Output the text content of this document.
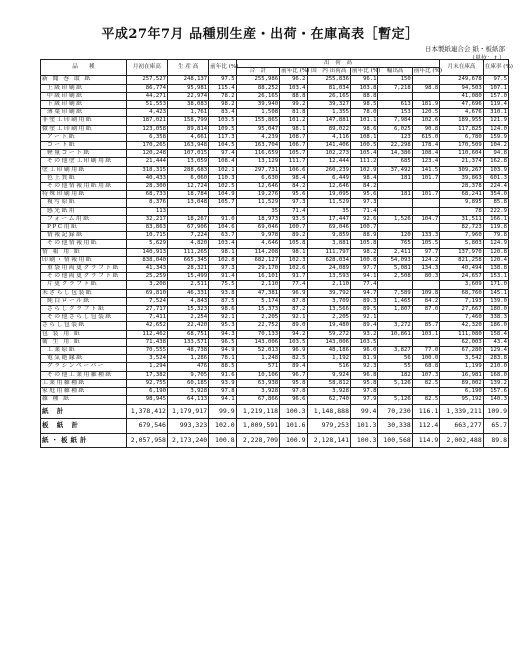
平成27年7月 品種別生産・出荷・在庫高表［暫定］
日本製紙連合会 紙・板紙部
（単位：ｔ）
品　　種	月初在庫高	生 産 高	前年比 (%)	出　荷　高						月末在庫高	在庫率 (%)
				合　計	前年比 (%)	国　内 出荷高	前年比 (%)	輸出高	前年比 (%)		
新 聞 巻 取 紙	257,527	248,137	97.5	255,986	96.2	255,836	96.1	150		249,678	97.5
上級印刷紙	86,774	95,981	115.4	88,252	103.4	81,034	103.8	7,218	98.8	94,503	107.1
中級印刷紙	44,271	22,974	78.2	26,165	88.8	26,165	88.8			41,080	157.0
下級印刷紙	51,553	38,083	98.2	39,940	99.2	39,327	98.5	613	181.9	47,696	119.4
薄葉印刷紙	4,423	1,761	83.4	1,508	81.8	1,355	78.0	153	120.5	4,676	310.1
非塗工印刷用紙	187,021	158,799	103.5	155,865	101.2	147,881	101.1	7,984	102.6	189,955	121.9
微塗工印刷用紙	123,058	89,814	109.5	95,047	98.1	89,022	98.6	6,025	90.8	117,825	124.0
アート紙	6,358	4,661	117.3	4,239	108.7	4,116	108.1	123	615.0	6,780	159.9
コート紙	170,265	163,948	104.5	163,704	106.7	141,406	100.5	22,298	178.4	170,509	104.2
軽量コート紙	120,248	107,015	97.4	116,659	105.7	102,273	105.4	14,386	108.4	110,604	94.8
その他塗工印刷用紙	21,444	13,059	108.4	13,129	111.7	12,444	111.2	685	123.4	21,374	162.8
塗工印刷用紙	318,315	288,683	102.1	297,731	106.6	260,239	102.9	37,492	141.5	309,267	103.9
色上質紙	40,433	6,060	110.3	6,630	98.4	6,449	98.4	181	101.7	39,863	601.3
その他情報用紙用紙	28,300	12,724	102.5	12,646	84.2	12,646	84.2			28,378	224.4
特殊印刷用紙	68,733	18,784	104.9	19,276	95.6	19,095	95.6	181	101.7	68,241	354.0
複写原紙	8,376	13,048	105.7	11,529	97.3	11,529	97.3			9,895	85.8
感光紙用	113			35	71.4	35	71.4			78	222.9
フォーム用紙	32,217	18,267	91.0	18,973	93.5	17,447	92.6	1,526	104.7	31,511	166.1
PPC用紙	83,863	67,906	104.6	69,046	100.7	69,046	100.7			82,723	119.8
情報記録紙	10,715	7,224	63.7	9,978	89.2	9,859	88.9	120	133.3	7,960	79.8
その他情報用紙	5,629	4,820	103.4	4,646	105.8	3,881	105.8	765	105.5	5,803	124.9
情 報 用 紙	140,913	111,265	98.1	114,208	98.1	111,797	98.2	2,411	97.7	137,970	120.8
印刷・情報用紙	838,040	665,345	102.8	682,127	102.3	628,034	100.8	54,093	124.2	821,258	120.4
重袋用両更クラフト紙	41,343	28,321	97.3	29,170	102.6	24,089	97.7	5,081	134.3	40,494	138.8
その他両更クラフト紙	25,259	15,499	91.4	16,101	91.7	13,593	94.1	2,508	80.3	24,657	153.1
片更クラフト紙	3,208	2,511	75.5	2,110	77.4	2,110	77.4			3,609	171.0
未ざらし包装紙	69,810	46,331	93.8	47,381	96.9	39,792	94.7	7,589	109.8	68,760	145.1
純白ロール紙	7,524	4,843	87.5	5,174	87.8	3,709	89.3	1,465	84.2	7,193	139.0
さらしクラフト紙	27,717	15,323	98.6	15,373	87.2	13,566	89.5	1,807	87.0	27,667	180.0
その他さらし包装紙	7,411	2,254	92.1	2,205	92.1	2,205	92.1			7,460	338.3
さらし包装紙	42,652	22,420	95.3	22,752	89.0	19,480	89.4	3,272	85.7	42,320	186.0
包 装 用 紙	112,462	68,751	94.3	70,133	94.2	59,272	93.2	10,861	103.1	111,080	158.4
衛 生 用 紙	71,438	133,571	96.5	143,006	103.5	143,006	103.5			62,003	43.4
工業原紙	70,555	48,738	94.9	52,013	96.9	48,186	96.0	3,827	77.0	67,280	129.4
電気絶縁紙	3,524	1,286	78.1	1,248	82.5	1,192	81.9	56	100.0	3,542	283.8
グラシンペーパー	1,294	476	88.5	571	89.4	516	92.3	55	68.8	1,199	210.0
その他工業用雑種紙	17,382	9,705	91.6	10,106	96.7	9,924	96.8	182	107.3	16,981	168.0
工業用雑種紙	92,755	60,185	93.9	63,938	95.8	58,812	95.8	5,126	82.5	89,002	139.2
家庭用雑種紙	6,190	3,928	97.8	3,928	97.8	3,928	97.8			6,190	157.6
雑 種 紙	98,945	64,113	94.1	67,866	96.6	62,740	97.9	5,126	82.5	95,192	140.3
紙 計	1,378,412	1,179,917	99.9	1,219,118	100.3	1,148,888	99.4	70,230	116.1	1,339,211	109.9
板 紙 計	679,546	993,323	102.0	1,009,591	101.6	979,253	101.3	30,338	112.4	663,277	65.7
紙・板紙計	2,057,958	2,173,240	100.8	2,228,709	100.9	2,128,141	100.3	100,568	114.9	2,002,488	89.8
